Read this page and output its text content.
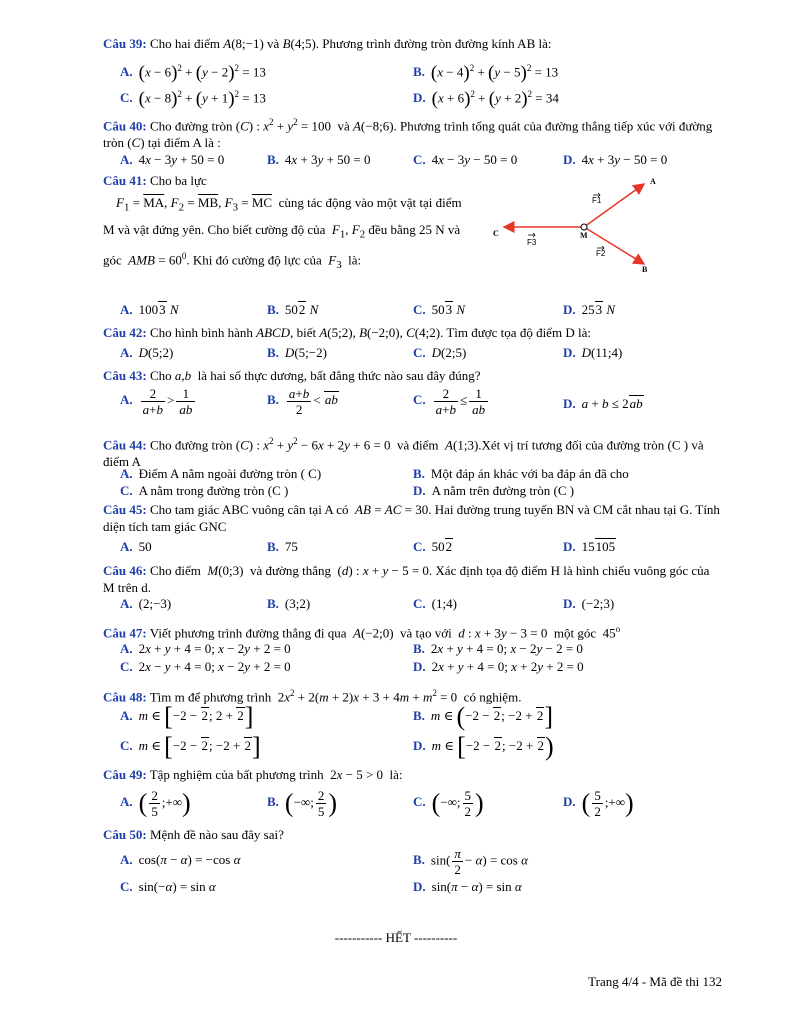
Câu 39: Cho hai điểm A(8;−1) và B(4;5). Phương trình đường tròn đường kính AB là:
A. $(x - 6)^2 + (y - 2)^2 = 13$	B. $(x - 4)^2 + (y - 5)^2 = 13$
C. $(x - 8)^2 + (y + 1)^2 = 13$	D. $(x + 6)^2 + (y + 2)^2 = 34$
Câu 40: Cho đường tròn (C) : $x^2 + y^2 = 100$  và A(−8;6). Phương trình tổng quát của đường thẳng tiếp xúc với đường tròn (C) tại điểm A là :
A. 4x − 3y + 50 = 0	B. 4x + 3y + 50 = 0	C. 4x − 3y − 50 = 0	D. 4x + 3y − 50 = 0
Câu 41: Cho ba lực
$F_1 = \overline{MA}$, $F_2 = \overline{MB}$, $F_3 = \overline{MC}$  cùng tác động vào một vật tại điểm M và vật đứng yên. Cho biết cường độ của  $F_1$, $F_2$ đều bằng 25 N và góc  AMB = $60^0$. Khi đó cường độ lực của  $F_3$  là:
A
B
C	M
F1
F3
F2
A. 1003 N	B. 502 N	C. 503 N	D. 253 N
Câu 42: Cho hình bình hành ABCD, biết A(5;2), B(−2;0), C(4;2). Tìm được tọa độ điểm D là:
A. D(5;2)	B. D(5;−2)	C. D(2;5)	D. D(11;4)
Câu 43: Cho a,b  là hai số thực dương, bất đẳng thức nào sau đây đúng?
A. $\frac{2}{a+b} > \frac{1}{ab}$	B. $\frac{a+b}{2}$ < ab	C. $\frac{2}{a+b} \le \frac{1}{ab}$	D. a + b ≤ 2ab
Câu 44: Cho đường tròn (C) : $x^2 + y^2 - 6x + 2y + 6 = 0$  và điểm  A(1;3).Xét vị trí tương đối của đường tròn (C ) và điểm A
A. Điểm A nằm ngoài đường tròn ( C)	B. Một đáp án khác với ba đáp án đã cho
C. A nằm trong đường tròn (C )	D. A nằm trên đường tròn (C )
Câu 45: Cho tam giác ABC vuông cân tại A có  AB = AC = 30. Hai đường trung tuyến BN và CM cắt nhau tại G. Tính diện tích tam giác GNC
A. 50	B. 75	C. 502	D. 15105
Câu 46: Cho điểm  M(0;3)  và đường thẳng  (d) : x + y − 5 = 0. Xác định tọa độ điểm H là hình chiếu vuông góc của M trên d.
A. (2;−3)	B. (3;2)	C. (1;4)	D. (−2;3)
Câu 47: Viết phương trình đường thẳng đi qua  A(−2;0)  và tạo với  d : x + 3y − 3 = 0  một góc  45$^o$
A. 2x + y + 4 = 0; x − 2y + 2 = 0	B. 2x + y + 4 = 0; x − 2y − 2 = 0
C. 2x − y + 4 = 0; x − 2y + 2 = 0	D. 2x + y + 4 = 0; x + 2y + 2 = 0
Câu 48: Tìm m để phương trình  $2x^2 + 2(m + 2)x + 3 + 4m + m^2 = 0$  có nghiệm.
A. m ∈ [−2 − 2; 2 + 2]	B. m ∈ (−2 − 2; −2 + 2]
C. m ∈ [−2 − 2; −2 + 2]	D. m ∈ [−2 − 2; −2 + 2)
Câu 49: Tập nghiệm của bất phương trình  2x − 5 > 0  là:
A. ( $\frac{2}{5}$ ;+∞)	B. (−∞; $\frac{2}{5}$ )	C. (−∞; $\frac{5}{2}$ )	D. ( $\frac{5}{2}$ ;+∞)
Câu 50: Mệnh đề nào sau đây sai?
A. cos(π − α) = −cos α	B. $\sin( \frac{\pi}{2} - \alpha) = \cos \alpha$
C. sin(−α) = sin α	D. sin(π − α) = sin α
----------- HẾT ----------
Trang 4/4 - Mã đề thi 132
